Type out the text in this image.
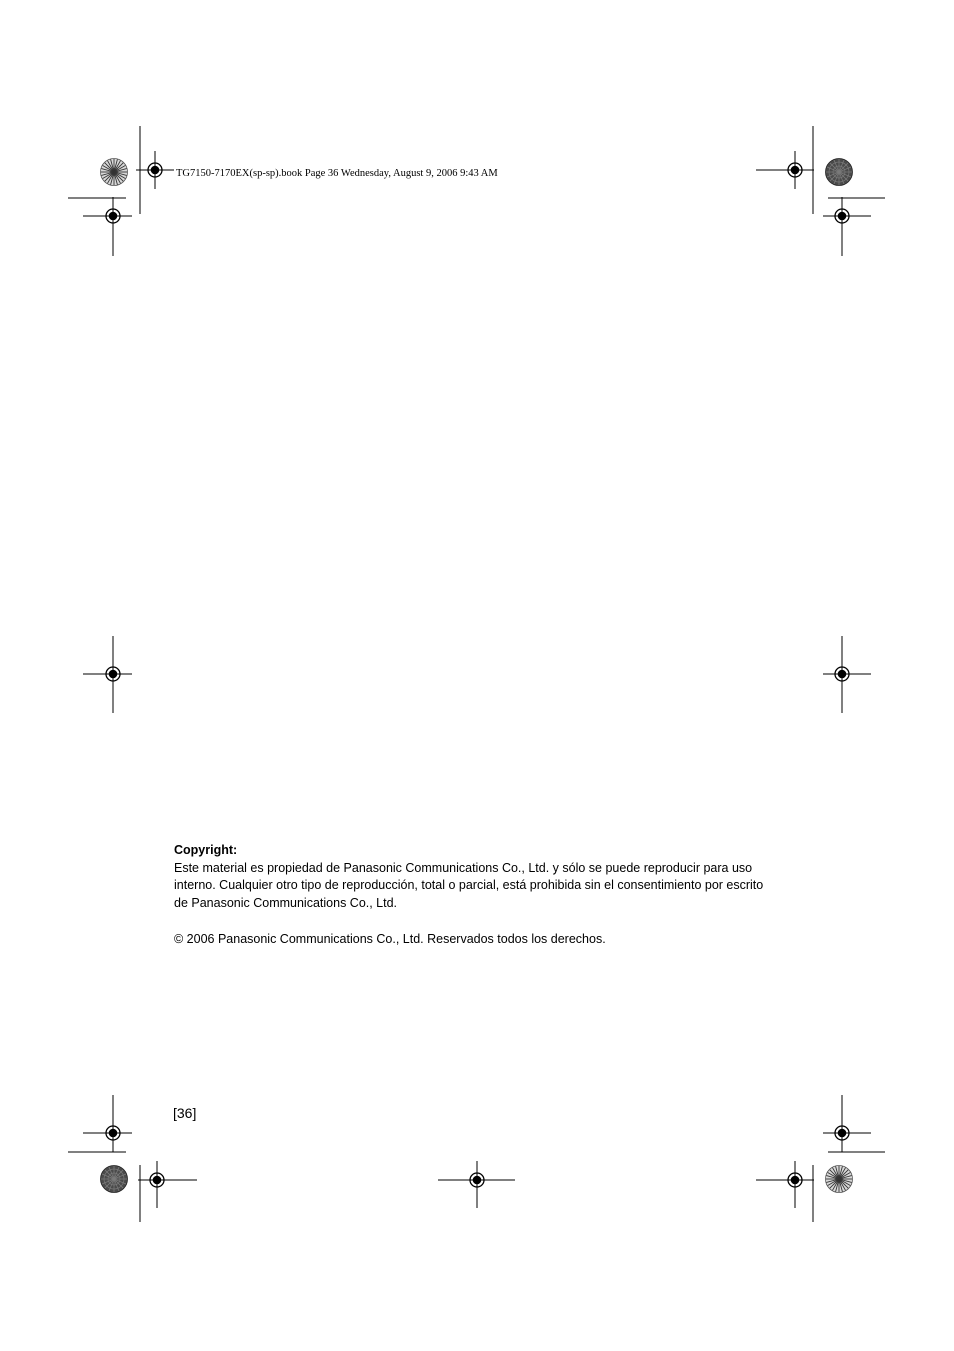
TG7150-7170EX(sp-sp).book Page 36 Wednesday, August 9, 2006 9:43 AM

Copyright:

Este material es propiedad de Panasonic Communications Co., Ltd. y sólo se puede reproducir para uso interno. Cualquier otro tipo de reproducción, total o parcial, está prohibida sin el consentimiento por escrito de Panasonic Communications Co., Ltd.

© 2006 Panasonic Communications Co., Ltd. Reservados todos los derechos.

[36]
